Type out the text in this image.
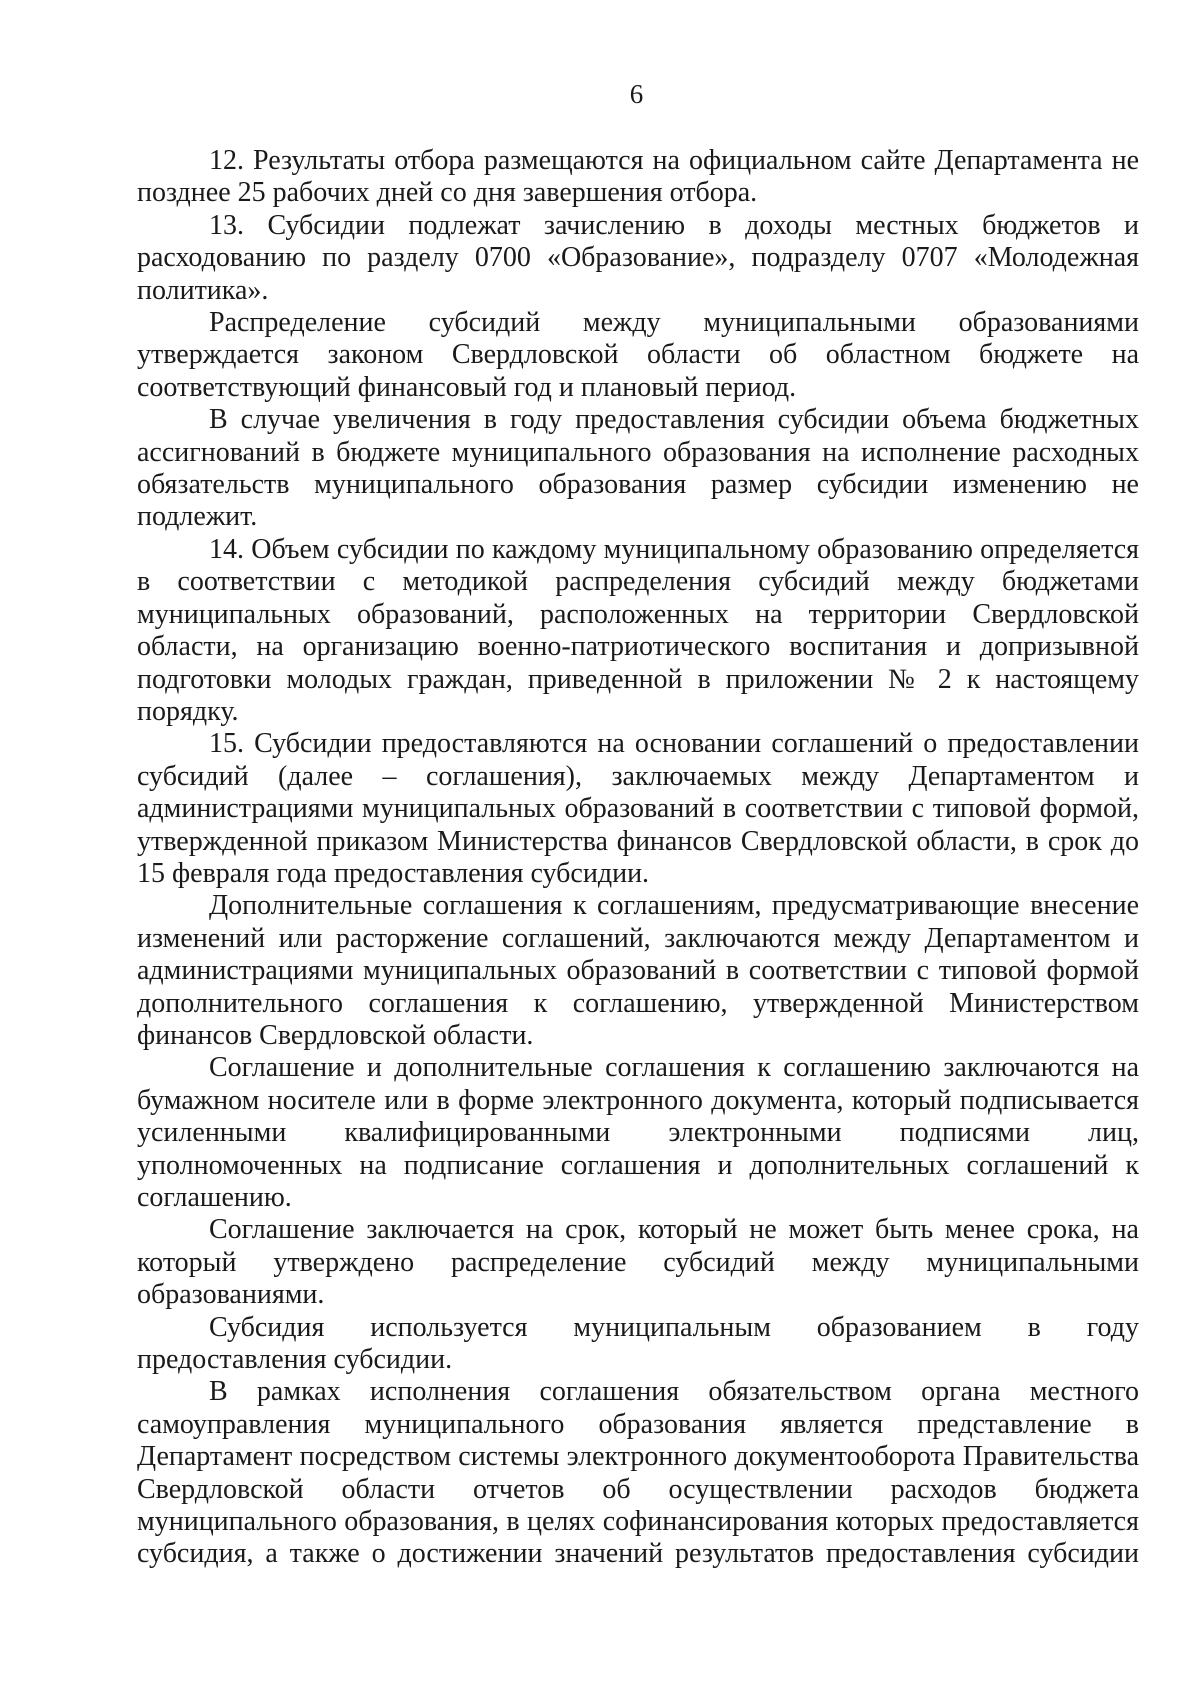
6

12. Результаты отбора размещаются на официальном сайте Департамента не позднее 25 рабочих дней со дня завершения отбора.

13. Субсидии подлежат зачислению в доходы местных бюджетов и расходованию по разделу 0700 «Образование», подразделу 0707 «Молодежная политика».

Распределение субсидий между муниципальными образованиями утверждается законом Свердловской области об областном бюджете на соответствующий финансовый год и плановый период.

В случае увеличения в году предоставления субсидии объема бюджетных ассигнований в бюджете муниципального образования на исполнение расходных обязательств муниципального образования размер субсидии изменению не подлежит.

14. Объем субсидии по каждому муниципальному образованию определяется в соответствии с методикой распределения субсидий между бюджетами муниципальных образований, расположенных на территории Свердловской области, на организацию военно-патриотического воспитания и допризывной подготовки молодых граждан, приведенной в приложении № 2 к настоящему порядку.

15. Субсидии предоставляются на основании соглашений о предоставлении субсидий (далее – соглашения), заключаемых между Департаментом и администрациями муниципальных образований в соответствии с типовой формой, утвержденной приказом Министерства финансов Свердловской области, в срок до 15 февраля года предоставления субсидии.

Дополнительные соглашения к соглашениям, предусматривающие внесение изменений или расторжение соглашений, заключаются между Департаментом и администрациями муниципальных образований в соответствии с типовой формой дополнительного соглашения к соглашению, утвержденной Министерством финансов Свердловской области.

Соглашение и дополнительные соглашения к соглашению заключаются на бумажном носителе или в форме электронного документа, который подписывается усиленными квалифицированными электронными подписями лиц, уполномоченных на подписание соглашения и дополнительных соглашений к соглашению.

Соглашение заключается на срок, который не может быть менее срока, на который утверждено распределение субсидий между муниципальными образованиями.

Субсидия используется муниципальным образованием в году предоставления субсидии.

В рамках исполнения соглашения обязательством органа местного самоуправления муниципального образования является представление в Департамент посредством системы электронного документооборота Правительства Свердловской области отчетов об осуществлении расходов бюджета муниципального образования, в целях софинансирования которых предоставляется субсидия, а также о достижении значений результатов предоставления субсидии
